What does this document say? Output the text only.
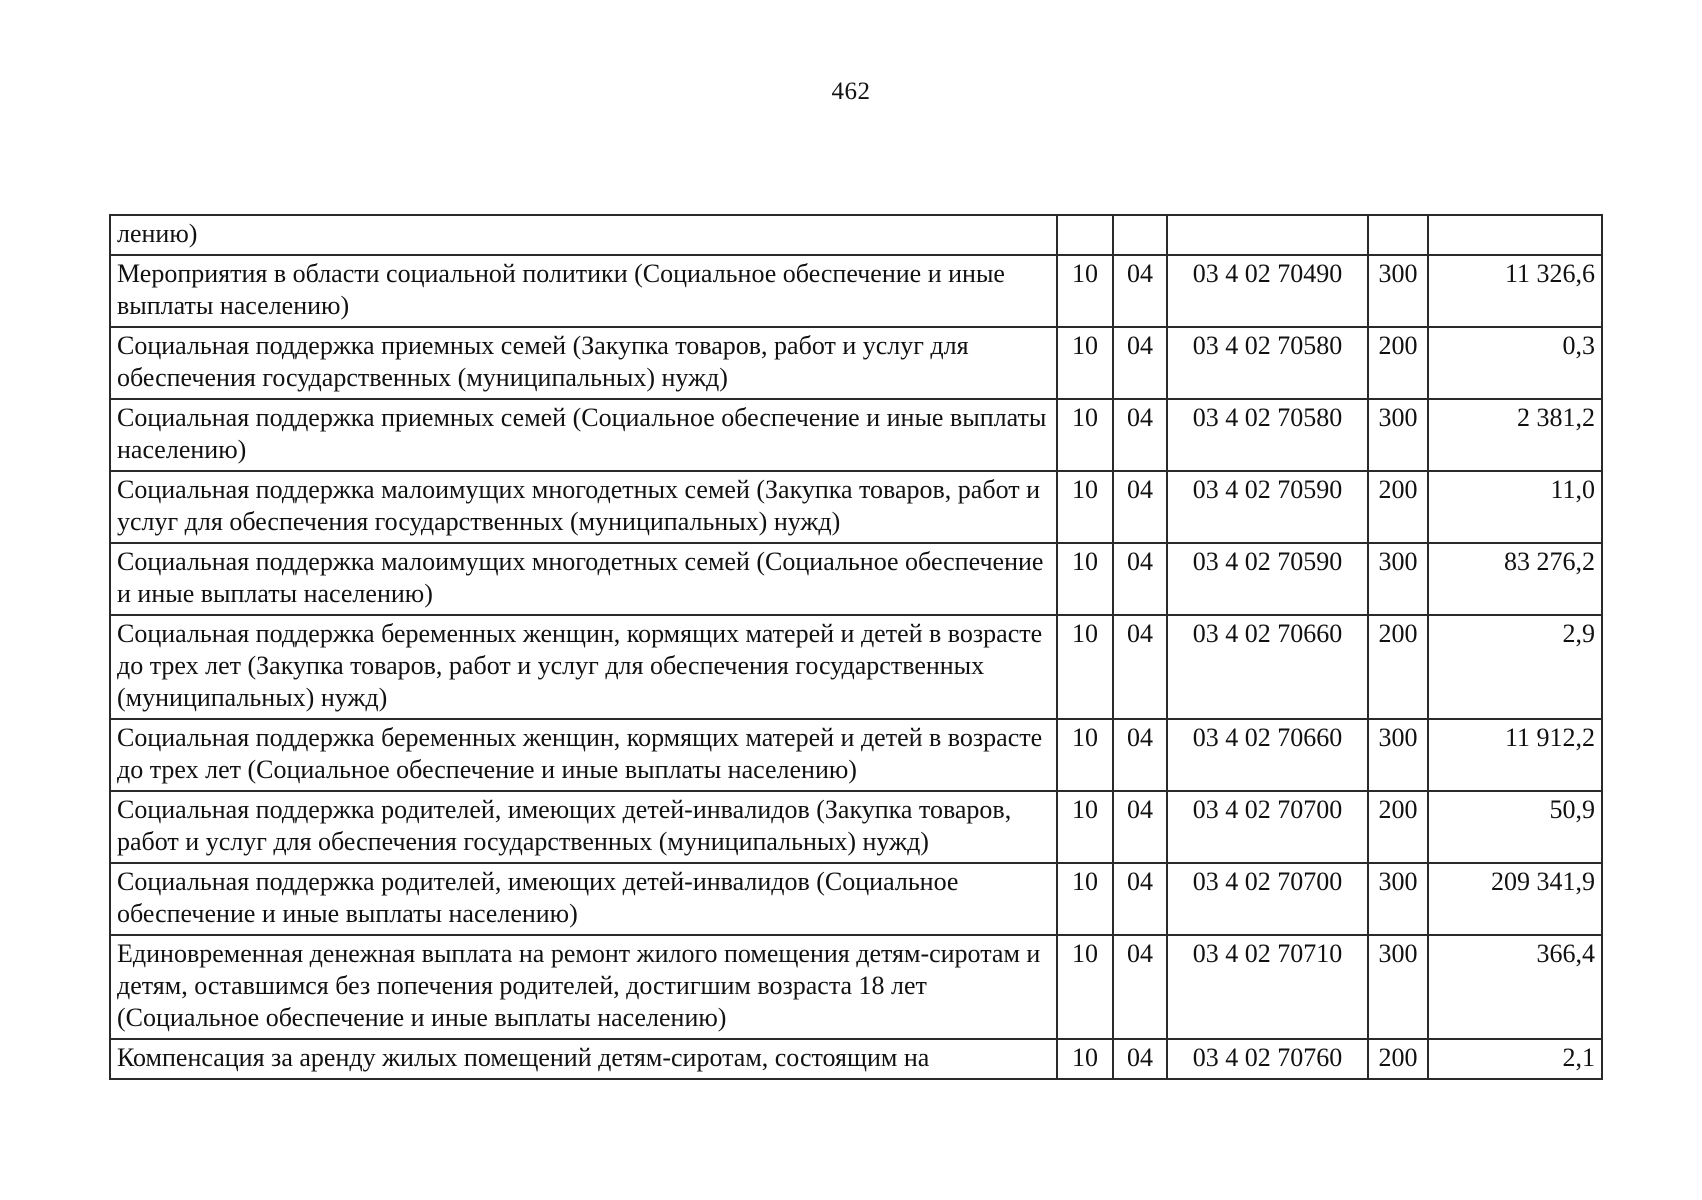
462
лению)					
Мероприятия в области социальной политики (Социальное обеспечение и иные выплаты населению)	10	04	03 4 02 70490	300	11 326,6
Социальная поддержка приемных семей (Закупка товаров, работ и услуг для обеспечения государственных (муниципальных) нужд)	10	04	03 4 02 70580	200	0,3
Социальная поддержка приемных семей (Социальное обеспечение и иные выплаты населению)	10	04	03 4 02 70580	300	2 381,2
Социальная поддержка малоимущих многодетных семей (Закупка товаров, работ и услуг для обеспечения государственных (муниципальных) нужд)	10	04	03 4 02 70590	200	11,0
Социальная поддержка малоимущих многодетных семей (Социальное обеспечение и иные выплаты населению)	10	04	03 4 02 70590	300	83 276,2
Социальная поддержка беременных женщин, кормящих матерей и детей в возрасте до трех лет (Закупка товаров, работ и услуг для обеспечения государственных (муниципальных) нужд)	10	04	03 4 02 70660	200	2,9
Социальная поддержка беременных женщин, кормящих матерей и детей в возрасте до трех лет (Социальное обеспечение и иные выплаты населению)	10	04	03 4 02 70660	300	11 912,2
Социальная поддержка родителей, имеющих детей-инвалидов (Закупка товаров, работ и услуг для обеспечения государственных (муниципальных) нужд)	10	04	03 4 02 70700	200	50,9
Социальная поддержка родителей, имеющих детей-инвалидов (Социальное обеспечение и иные выплаты населению)	10	04	03 4 02 70700	300	209 341,9
Единовременная денежная выплата на ремонт жилого помещения детям-сиротам и детям, оставшимся без попечения родителей, достигшим возраста 18 лет (Социальное обеспечение и иные выплаты населению)	10	04	03 4 02 70710	300	366,4
Компенсация за аренду жилых помещений детям-сиротам, состоящим на	10	04	03 4 02 70760	200	2,1
